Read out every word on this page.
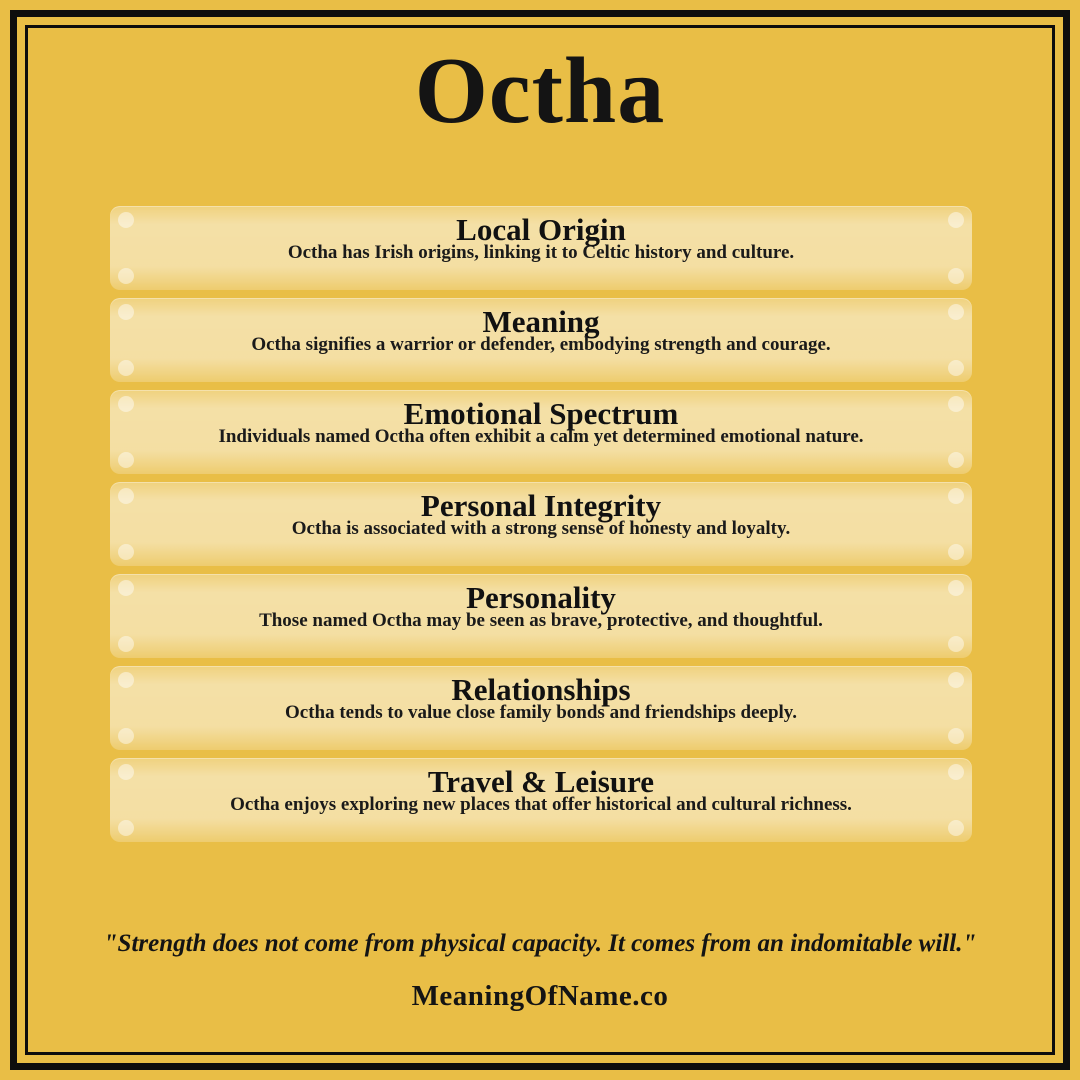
Octha
Local Origin
Octha has Irish origins, linking it to Celtic history and culture.
Meaning
Octha signifies a warrior or defender, embodying strength and courage.
Emotional Spectrum
Individuals named Octha often exhibit a calm yet determined emotional nature.
Personal Integrity
Octha is associated with a strong sense of honesty and loyalty.
Personality
Those named Octha may be seen as brave, protective, and thoughtful.
Relationships
Octha tends to value close family bonds and friendships deeply.
Travel & Leisure
Octha enjoys exploring new places that offer historical and cultural richness.
"Strength does not come from physical capacity. It comes from an indomitable will."
MeaningOfName.co
